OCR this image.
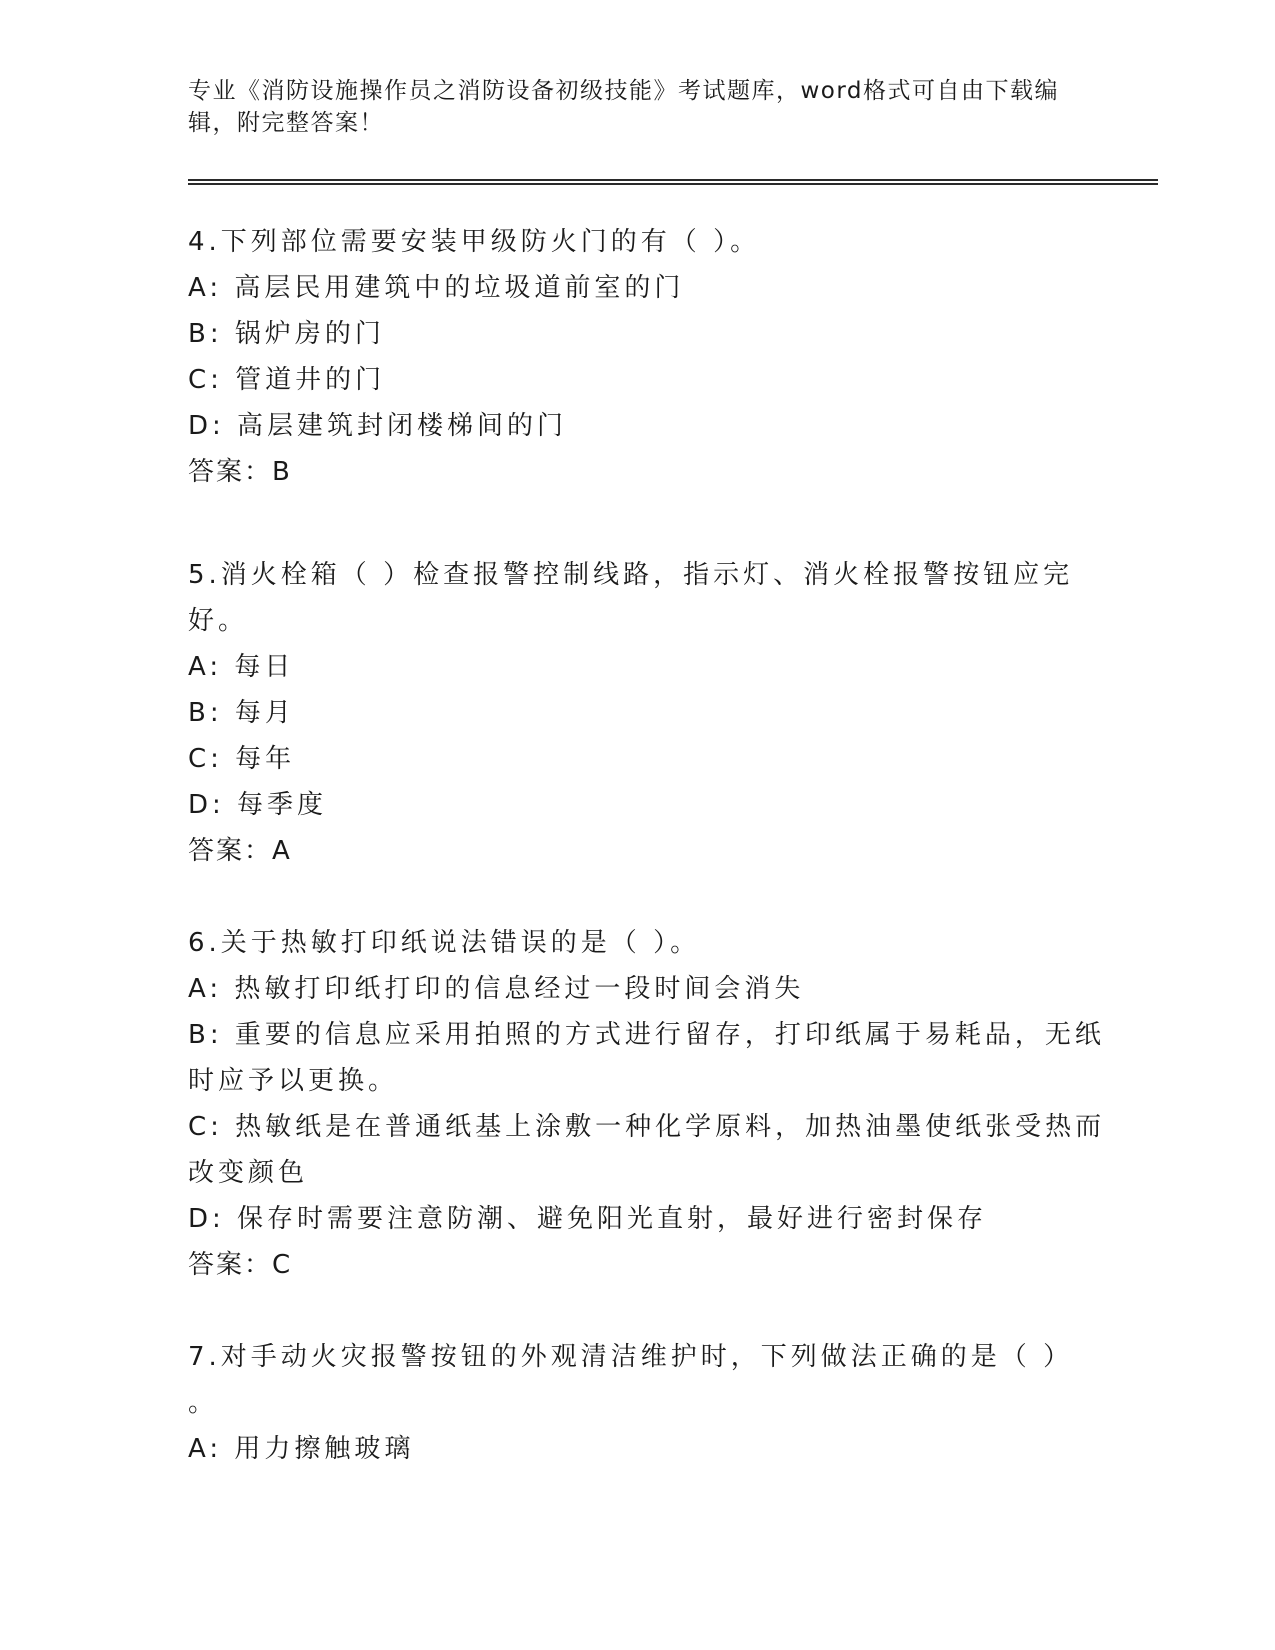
专业《消防设施操作员之消防设备初级技能》考试题库，word格式可自由下载编辑，附完整答案！
4.下列部位需要安装甲级防火门的有（ ）。
A: 高层民用建筑中的垃圾道前室的门
B: 锅炉房的门
C: 管道井的门
D: 高层建筑封闭楼梯间的门
答案：B
5.消火栓箱（ ）检查报警控制线路，指示灯、消火栓报警按钮应完
好。
A: 每日
B: 每月
C: 每年
D: 每季度
答案：A
6.关于热敏打印纸说法错误的是（ ）。
A: 热敏打印纸打印的信息经过一段时间会消失
B: 重要的信息应采用拍照的方式进行留存，打印纸属于易耗品，无纸
时应予以更换。
C: 热敏纸是在普通纸基上涂敷一种化学原料，加热油墨使纸张受热而
改变颜色
D: 保存时需要注意防潮、避免阳光直射，最好进行密封保存
答案：C
7.对手动火灾报警按钮的外观清洁维护时，下列做法正确的是（ ）
。
A: 用力擦触玻璃
